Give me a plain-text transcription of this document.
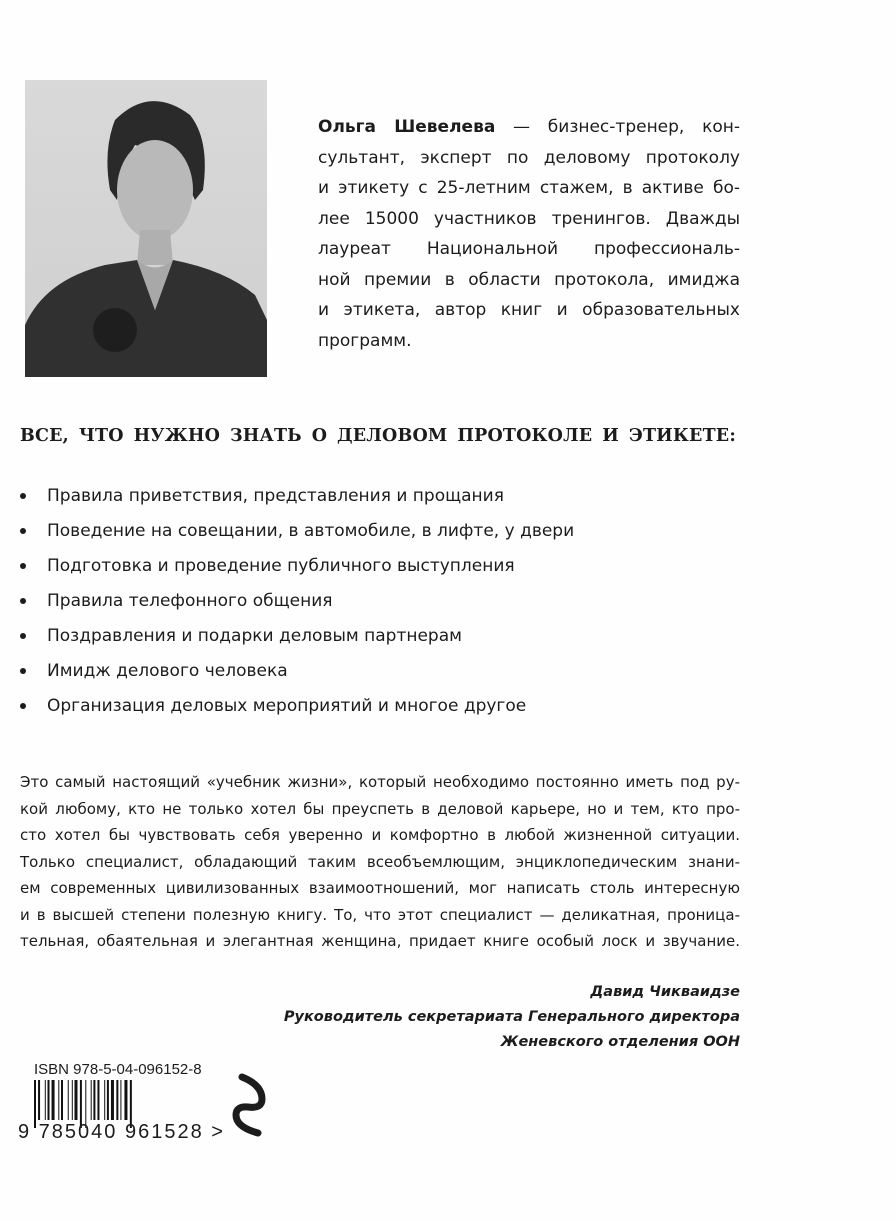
Ольга Шевелева — бизнес-тренер, кон-
сультант, эксперт по деловому протоколу
и этикету с 25-летним стажем, в активе бо-
лее 15000 участников тренингов. Дважды
лауреат Национальной профессиональ-
ной премии в области протокола, имиджа
и этикета, автор книг и образовательных
программ.
ВСЕ, ЧТО НУЖНО ЗНАТЬ О ДЕЛОВОМ ПРОТОКОЛЕ И ЭТИКЕТЕ:
Правила приветствия, представления и прощания
Поведение на совещании, в автомобиле, в лифте, у двери
Подготовка и проведение публичного выступления
Правила телефонного общения
Поздравления и подарки деловым партнерам
Имидж делового человека
Организация деловых мероприятий и многое другое
Это самый настоящий «учебник жизни», который необходимо постоянно иметь под ру-
кой любому, кто не только хотел бы преуспеть в деловой карьере, но и тем, кто про-
сто хотел бы чувствовать себя уверенно и комфортно в любой жизненной ситуации.
Только специалист, обладающий таким всеобъемлющим, энциклопедическим знани-
ем современных цивилизованных взаимоотношений, мог написать столь интересную
и в высшей степени полезную книгу. То, что этот специалист — деликатная, проница-
тельная, обаятельная и элегантная женщина, придает книге особый лоск и звучание.
Давид Чикваидзе
Руководитель секретариата Генерального директора
Женевского отделения ООН
ISBN 978-5-04-096152-8
9 785040 961528 >
